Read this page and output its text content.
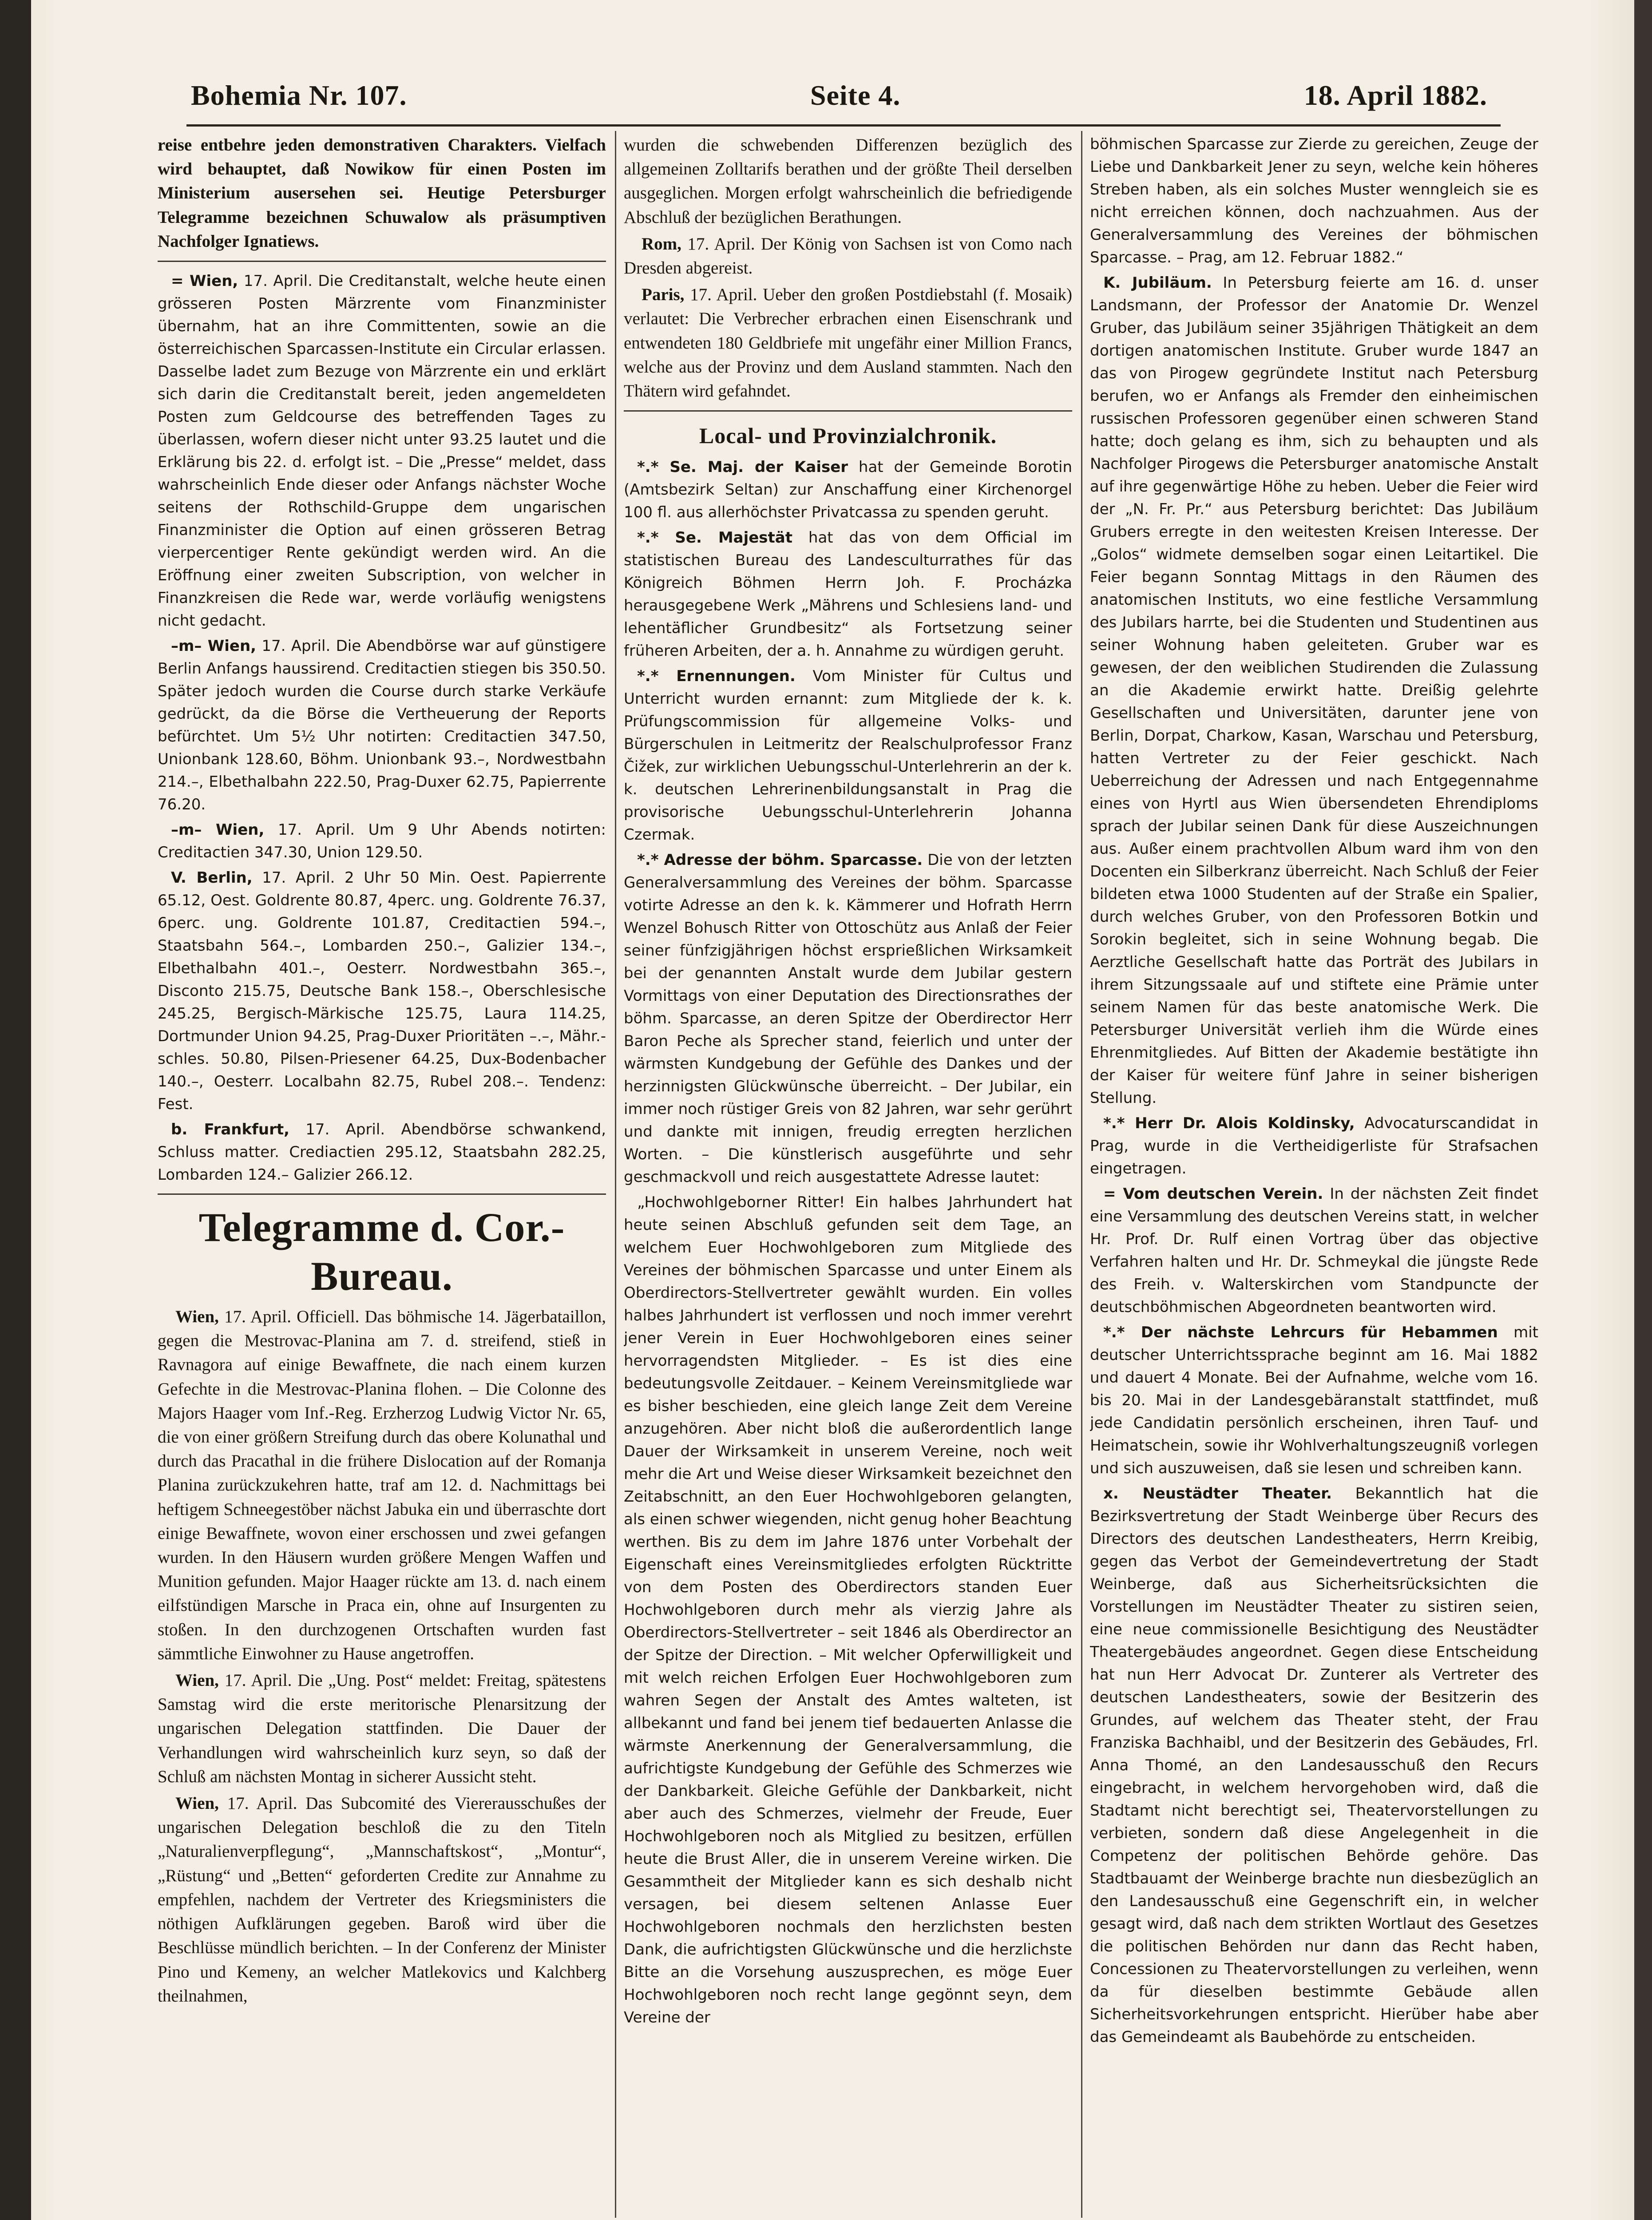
Bohemia Nr. 107.	Seite 4.	18. April 1882.

reise entbehre jeden demonstrativen Charakters. Vielfach wird behauptet, daß Nowikow für einen Posten im Ministerium ausersehen sei. Heutige Petersburger Telegramme bezeichnen Schuwalow als präsumptiven Nachfolger Ignatiews.

= Wien, 17. April. Die Creditanstalt, welche heute einen grösseren Posten Märzrente vom Finanzminister übernahm, hat an ihre Committenten, sowie an die österreichischen Sparcassen-Institute ein Circular erlassen. Dasselbe ladet zum Bezuge von Märzrente ein und erklärt sich darin die Creditanstalt bereit, jeden angemeldeten Posten zum Geldcourse des betreffenden Tages zu überlassen, wofern dieser nicht unter 93.25 lautet und die Erklärung bis 22. d. erfolgt ist. – Die „Presse“ meldet, dass wahrscheinlich Ende dieser oder Anfangs nächster Woche seitens der Rothschild-Gruppe dem ungarischen Finanzminister die Option auf einen grösseren Betrag vierpercentiger Rente gekündigt werden wird. An die Eröffnung einer zweiten Subscription, von welcher in Finanzkreisen die Rede war, werde vorläufig wenigstens nicht gedacht.

–m– Wien, 17. April. Die Abendbörse war auf günstigere Berlin Anfangs haussirend. Creditactien stiegen bis 350.50. Später jedoch wurden die Course durch starke Verkäufe gedrückt, da die Börse die Vertheuerung der Reports befürchtet. Um 5½ Uhr notirten: Creditactien 347.50, Unionbank 128.60, Böhm. Unionbank 93.–, Nordwestbahn 214.–, Elbethalbahn 222.50, Prag-Duxer 62.75, Papierrente 76.20.

–m– Wien, 17. April. Um 9 Uhr Abends notirten: Creditactien 347.30, Union 129.50.

V. Berlin, 17. April. 2 Uhr 50 Min. Oest. Papierrente 65.12, Oest. Goldrente 80.87, 4perc. ung. Goldrente 76.37, 6perc. ung. Goldrente 101.87, Creditactien 594.–, Staatsbahn 564.–, Lombarden 250.–, Galizier 134.–, Elbethalbahn 401.–, Oesterr. Nordwestbahn 365.–, Disconto 215.75, Deutsche Bank 158.–, Oberschlesische 245.25, Bergisch-Märkische 125.75, Laura 114.25, Dortmunder Union 94.25, Prag-Duxer Prioritäten –.–, Mähr.-schles. 50.80, Pilsen-Priesener 64.25, Dux-Bodenbacher 140.–, Oesterr. Localbahn 82.75, Rubel 208.–. Tendenz: Fest.

b. Frankfurt, 17. April. Abendbörse schwankend, Schluss matter. Crediactien 295.12, Staatsbahn 282.25, Lombarden 124.– Galizier 266.12.

Telegramme d. Cor.-Bureau.

Wien, 17. April. Officiell. Das böhmische 14. Jägerbataillon, gegen die Mestrovac-Planina am 7. d. streifend, stieß in Ravnagora auf einige Bewaffnete, die nach einem kurzen Gefechte in die Mestrovac-Planina flohen. – Die Colonne des Majors Haager vom Inf.-Reg. Erzherzog Ludwig Victor Nr. 65, die von einer größern Streifung durch das obere Kolunathal und durch das Pracathal in die frühere Dislocation auf der Romanja Planina zurückzukehren hatte, traf am 12. d. Nachmittags bei heftigem Schneegestöber nächst Jabuka ein und überraschte dort einige Bewaffnete, wovon einer erschossen und zwei gefangen wurden. In den Häusern wurden größere Mengen Waffen und Munition gefunden. Major Haager rückte am 13. d. nach einem eilfstündigen Marsche in Praca ein, ohne auf Insurgenten zu stoßen. In den durchzogenen Ortschaften wurden fast sämmtliche Einwohner zu Hause angetroffen.

Wien, 17. April. Die „Ung. Post“ meldet: Freitag, spätestens Samstag wird die erste meritorische Plenarsitzung der ungarischen Delegation stattfinden. Die Dauer der Verhandlungen wird wahrscheinlich kurz seyn, so daß der Schluß am nächsten Montag in sicherer Aussicht steht.

Wien, 17. April. Das Subcomité des Viererausschußes der ungarischen Delegation beschloß die zu den Titeln „Naturalienverpflegung“, „Mannschaftskost“, „Montur“, „Rüstung“ und „Betten“ geforderten Credite zur Annahme zu empfehlen, nachdem der Vertreter des Kriegsministers die nöthigen Aufklärungen gegeben. Baroß wird über die Beschlüsse mündlich berichten. – In der Conferenz der Minister Pino und Kemeny, an welcher Matlekovics und Kalchberg theilnahmen,

wurden die schwebenden Differenzen bezüglich des allgemeinen Zolltarifs berathen und der größte Theil derselben ausgeglichen. Morgen erfolgt wahrscheinlich die befriedigende Abschluß der bezüglichen Berathungen.

Rom, 17. April. Der König von Sachsen ist von Como nach Dresden abgereist.

Paris, 17. April. Ueber den großen Postdiebstahl (f. Mosaik) verlautet: Die Verbrecher erbrachen einen Eisenschrank und entwendeten 180 Geldbriefe mit ungefähr einer Million Francs, welche aus der Provinz und dem Ausland stammten. Nach den Thätern wird gefahndet.

Local- und Provinzialchronik.

*.* Se. Maj. der Kaiser hat der Gemeinde Borotin (Amtsbezirk Seltan) zur Anschaffung einer Kirchenorgel 100 fl. aus allerhöchster Privatcassa zu spenden geruht.

*.* Se. Majestät hat das von dem Official im statistischen Bureau des Landesculturrathes für das Königreich Böhmen Herrn Joh. F. Procházka herausgegebene Werk „Mährens und Schlesiens land- und lehentäflicher Grundbesitz“ als Fortsetzung seiner früheren Arbeiten, der a. h. Annahme zu würdigen geruht.

*.* Ernennungen. Vom Minister für Cultus und Unterricht wurden ernannt: zum Mitgliede der k. k. Prüfungscommission für allgemeine Volks- und Bürgerschulen in Leitmeritz der Realschulprofessor Franz Čižek, zur wirklichen Uebungsschul-Unterlehrerin an der k. k. deutschen Lehrerinenbildungsanstalt in Prag die provisorische Uebungsschul-Unterlehrerin Johanna Czermak.

*.* Adresse der böhm. Sparcasse. Die von der letzten Generalversammlung des Vereines der böhm. Sparcasse votirte Adresse an den k. k. Kämmerer und Hofrath Herrn Wenzel Bohusch Ritter von Ottoschütz aus Anlaß der Feier seiner fünfzigjährigen höchst ersprießlichen Wirksamkeit bei der genannten Anstalt wurde dem Jubilar gestern Vormittags von einer Deputation des Directionsrathes der böhm. Sparcasse, an deren Spitze der Oberdirector Herr Baron Peche als Sprecher stand, feierlich und unter der wärmsten Kundgebung der Gefühle des Dankes und der herzinnigsten Glückwünsche überreicht. – Der Jubilar, ein immer noch rüstiger Greis von 82 Jahren, war sehr gerührt und dankte mit innigen, freudig erregten herzlichen Worten. – Die künstlerisch ausgeführte und sehr geschmackvoll und reich ausgestattete Adresse lautet:

„Hochwohlgeborner Ritter! Ein halbes Jahrhundert hat heute seinen Abschluß gefunden seit dem Tage, an welchem Euer Hochwohlgeboren zum Mitgliede des Vereines der böhmischen Sparcasse und unter Einem als Oberdirectors-Stellvertreter gewählt wurden. Ein volles halbes Jahrhundert ist verflossen und noch immer verehrt jener Verein in Euer Hochwohlgeboren eines seiner hervorragendsten Mitglieder. – Es ist dies eine bedeutungsvolle Zeitdauer. – Keinem Vereinsmitgliede war es bisher beschieden, eine gleich lange Zeit dem Vereine anzugehören. Aber nicht bloß die außerordentlich lange Dauer der Wirksamkeit in unserem Vereine, noch weit mehr die Art und Weise dieser Wirksamkeit bezeichnet den Zeitabschnitt, an den Euer Hochwohlgeboren gelangten, als einen schwer wiegenden, nicht genug hoher Beachtung werthen. Bis zu dem im Jahre 1876 unter Vorbehalt der Eigenschaft eines Vereinsmitgliedes erfolgten Rücktritte von dem Posten des Oberdirectors standen Euer Hochwohlgeboren durch mehr als vierzig Jahre als Oberdirectors-Stellvertreter – seit 1846 als Oberdirector an der Spitze der Direction. – Mit welcher Opferwilligkeit und mit welch reichen Erfolgen Euer Hochwohlgeboren zum wahren Segen der Anstalt des Amtes walteten, ist allbekannt und fand bei jenem tief bedauerten Anlasse die wärmste Anerkennung der Generalversammlung, die aufrichtigste Kundgebung der Gefühle des Schmerzes wie der Dankbarkeit. Gleiche Gefühle der Dankbarkeit, nicht aber auch des Schmerzes, vielmehr der Freude, Euer Hochwohlgeboren noch als Mitglied zu besitzen, erfüllen heute die Brust Aller, die in unserem Vereine wirken. Die Gesammtheit der Mitglieder kann es sich deshalb nicht versagen, bei diesem seltenen Anlasse Euer Hochwohlgeboren nochmals den herzlichsten besten Dank, die aufrichtigsten Glückwünsche und die herzlichste Bitte an die Vorsehung auszusprechen, es möge Euer Hochwohlgeboren noch recht lange gegönnt seyn, dem Vereine der

böhmischen Sparcasse zur Zierde zu gereichen, Zeuge der Liebe und Dankbarkeit Jener zu seyn, welche kein höheres Streben haben, als ein solches Muster wenngleich sie es nicht erreichen können, doch nachzuahmen. Aus der Generalversammlung des Vereines der böhmischen Sparcasse. – Prag, am 12. Februar 1882.“

K. Jubiläum. In Petersburg feierte am 16. d. unser Landsmann, der Professor der Anatomie Dr. Wenzel Gruber, das Jubiläum seiner 35jährigen Thätigkeit an dem dortigen anatomischen Institute. Gruber wurde 1847 an das von Pirogew gegründete Institut nach Petersburg berufen, wo er Anfangs als Fremder den einheimischen russischen Professoren gegenüber einen schweren Stand hatte; doch gelang es ihm, sich zu behaupten und als Nachfolger Pirogews die Petersburger anatomische Anstalt auf ihre gegenwärtige Höhe zu heben. Ueber die Feier wird der „N. Fr. Pr.“ aus Petersburg berichtet: Das Jubiläum Grubers erregte in den weitesten Kreisen Interesse. Der „Golos“ widmete demselben sogar einen Leitartikel. Die Feier begann Sonntag Mittags in den Räumen des anatomischen Instituts, wo eine festliche Versammlung des Jubilars harrte, bei die Studenten und Studentinen aus seiner Wohnung haben geleiteten. Gruber war es gewesen, der den weiblichen Studirenden die Zulassung an die Akademie erwirkt hatte. Dreißig gelehrte Gesellschaften und Universitäten, darunter jene von Berlin, Dorpat, Charkow, Kasan, Warschau und Petersburg, hatten Vertreter zu der Feier geschickt. Nach Ueberreichung der Adressen und nach Entgegennahme eines von Hyrtl aus Wien übersendeten Ehrendiploms sprach der Jubilar seinen Dank für diese Auszeichnungen aus. Außer einem prachtvollen Album ward ihm von den Docenten ein Silberkranz überreicht. Nach Schluß der Feier bildeten etwa 1000 Studenten auf der Straße ein Spalier, durch welches Gruber, von den Professoren Botkin und Sorokin begleitet, sich in seine Wohnung begab. Die Aerztliche Gesellschaft hatte das Porträt des Jubilars in ihrem Sitzungssaale auf und stiftete eine Prämie unter seinem Namen für das beste anatomische Werk. Die Petersburger Universität verlieh ihm die Würde eines Ehrenmitgliedes. Auf Bitten der Akademie bestätigte ihn der Kaiser für weitere fünf Jahre in seiner bisherigen Stellung.

*.* Herr Dr. Alois Koldinsky, Advocaturscandidat in Prag, wurde in die Vertheidigerliste für Strafsachen eingetragen.

= Vom deutschen Verein. In der nächsten Zeit findet eine Versammlung des deutschen Vereins statt, in welcher Hr. Prof. Dr. Rulf einen Vortrag über das objective Verfahren halten und Hr. Dr. Schmeykal die jüngste Rede des Freih. v. Walterskirchen vom Standpuncte der deutschböhmischen Abgeordneten beantworten wird.

*.* Der nächste Lehrcurs für Hebammen mit deutscher Unterrichtssprache beginnt am 16. Mai 1882 und dauert 4 Monate. Bei der Aufnahme, welche vom 16. bis 20. Mai in der Landesgebäranstalt stattfindet, muß jede Candidatin persönlich erscheinen, ihren Tauf- und Heimatschein, sowie ihr Wohlverhaltungszeugniß vorlegen und sich auszuweisen, daß sie lesen und schreiben kann.

x. Neustädter Theater. Bekanntlich hat die Bezirksvertretung der Stadt Weinberge über Recurs des Directors des deutschen Landestheaters, Herrn Kreibig, gegen das Verbot der Gemeindevertretung der Stadt Weinberge, daß aus Sicherheitsrücksichten die Vorstellungen im Neustädter Theater zu sistiren seien, eine neue commissionelle Besichtigung des Neustädter Theatergebäudes angeordnet. Gegen diese Entscheidung hat nun Herr Advocat Dr. Zunterer als Vertreter des deutschen Landestheaters, sowie der Besitzerin des Grundes, auf welchem das Theater steht, der Frau Franziska Bachhaibl, und der Besitzerin des Gebäudes, Frl. Anna Thomé, an den Landesausschuß den Recurs eingebracht, in welchem hervorgehoben wird, daß die Stadtamt nicht berechtigt sei, Theatervorstellungen zu verbieten, sondern daß diese Angelegenheit in die Competenz der politischen Behörde gehöre. Das Stadtbauamt der Weinberge brachte nun diesbezüglich an den Landesausschuß eine Gegenschrift ein, in welcher gesagt wird, daß nach dem strikten Wortlaut des Gesetzes die politischen Behörden nur dann das Recht haben, Concessionen zu Theatervorstellungen zu verleihen, wenn da für dieselben bestimmte Gebäude allen Sicherheitsvorkehrungen entspricht. Hierüber habe aber das Gemeindeamt als Baubehörde zu entscheiden.
